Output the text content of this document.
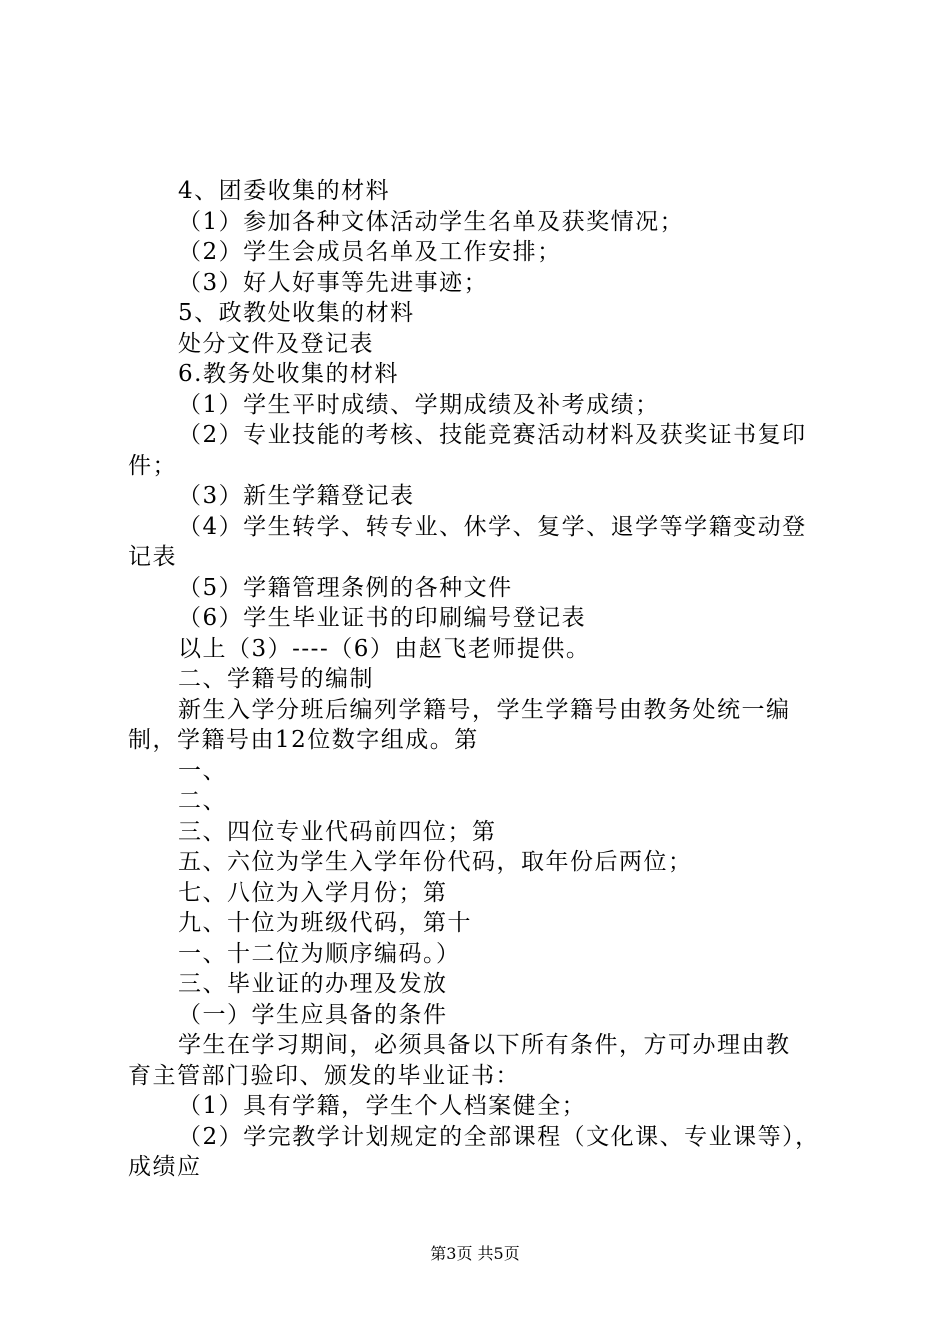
4、团委收集的材料
（1）参加各种文体活动学生名单及获奖情况；
（2）学生会成员名单及工作安排；
（3）好人好事等先进事迹；
5、政教处收集的材料
处分文件及登记表
6.教务处收集的材料
（1）学生平时成绩、学期成绩及补考成绩；
（2）专业技能的考核、技能竞赛活动材料及获奖证书复印
件；
（3）新生学籍登记表
（4）学生转学、转专业、休学、复学、退学等学籍变动登
记表
（5）学籍管理条例的各种文件
（6）学生毕业证书的印刷编号登记表
以上（3）----（6）由赵飞老师提供。
二、学籍号的编制
新生入学分班后编列学籍号，学生学籍号由教务处统一编
制，学籍号由12位数字组成。第
一、
二、
三、四位专业代码前四位；第
五、六位为学生入学年份代码，取年份后两位；
七、八位为入学月份；第
九、十位为班级代码，第十
一、十二位为顺序编码。）
三、毕业证的办理及发放
（一）学生应具备的条件
学生在学习期间，必须具备以下所有条件，方可办理由教
育主管部门验印、颁发的毕业证书：
（1）具有学籍，学生个人档案健全；
（2）学完教学计划规定的全部课程（文化课、专业课等），
成绩应
第3页 共5页
